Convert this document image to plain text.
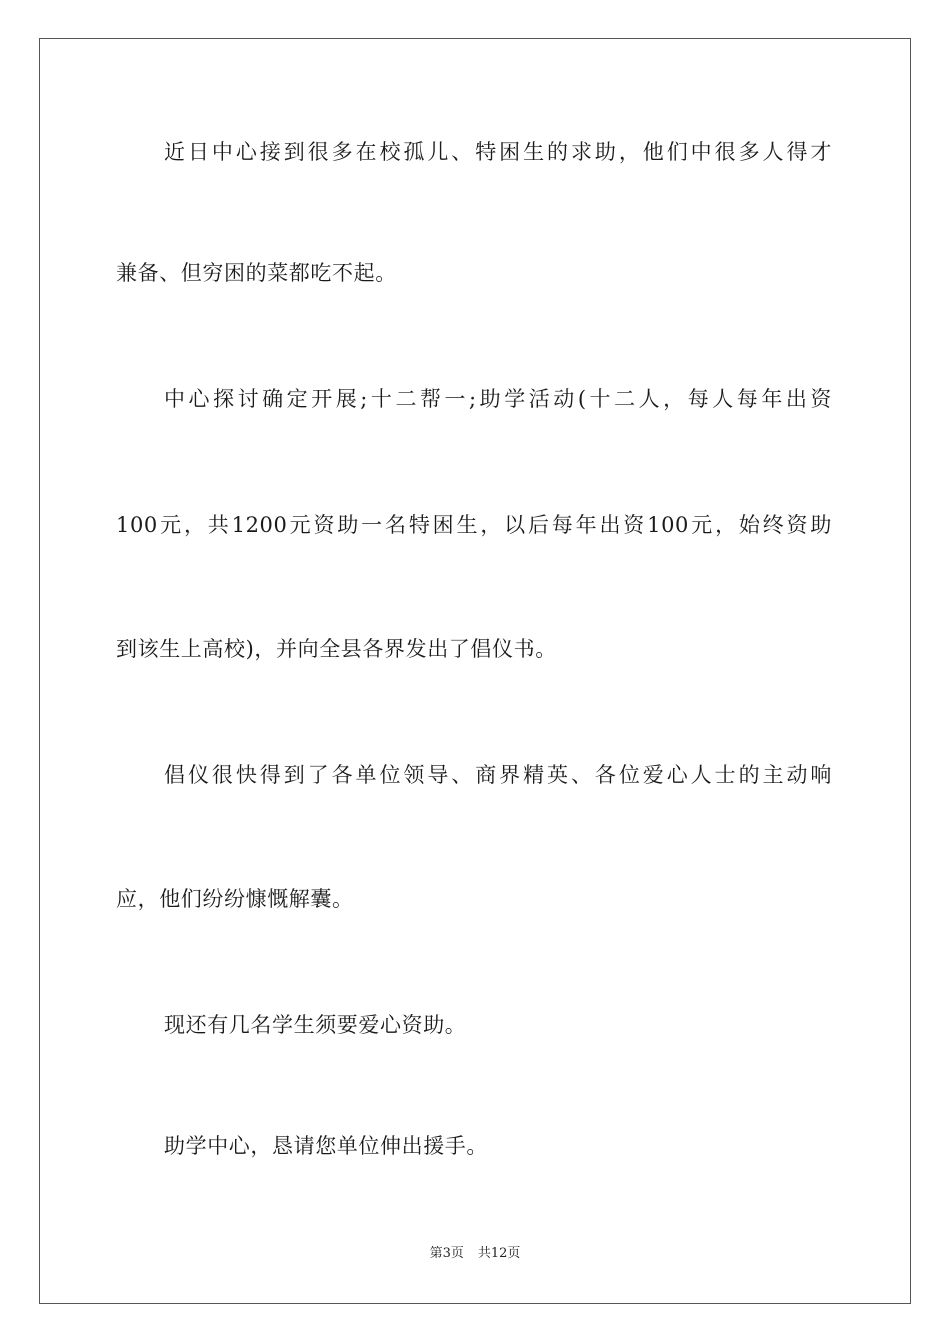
近日中心接到很多在校孤儿、特困生的求助，他们中很多人得才
兼备、但穷困的菜都吃不起。
中心探讨确定开展;十二帮一;助学活动(十二人，每人每年出资
100元，共1200元资助一名特困生，以后每年出资100元，始终资助
到该生上高校)，并向全县各界发出了倡仪书。
倡仪很快得到了各单位领导、商界精英、各位爱心人士的主动响
应，他们纷纷慷慨解囊。
现还有几名学生须要爱心资助。
助学中心，恳请您单位伸出援手。
第3页 共12页
